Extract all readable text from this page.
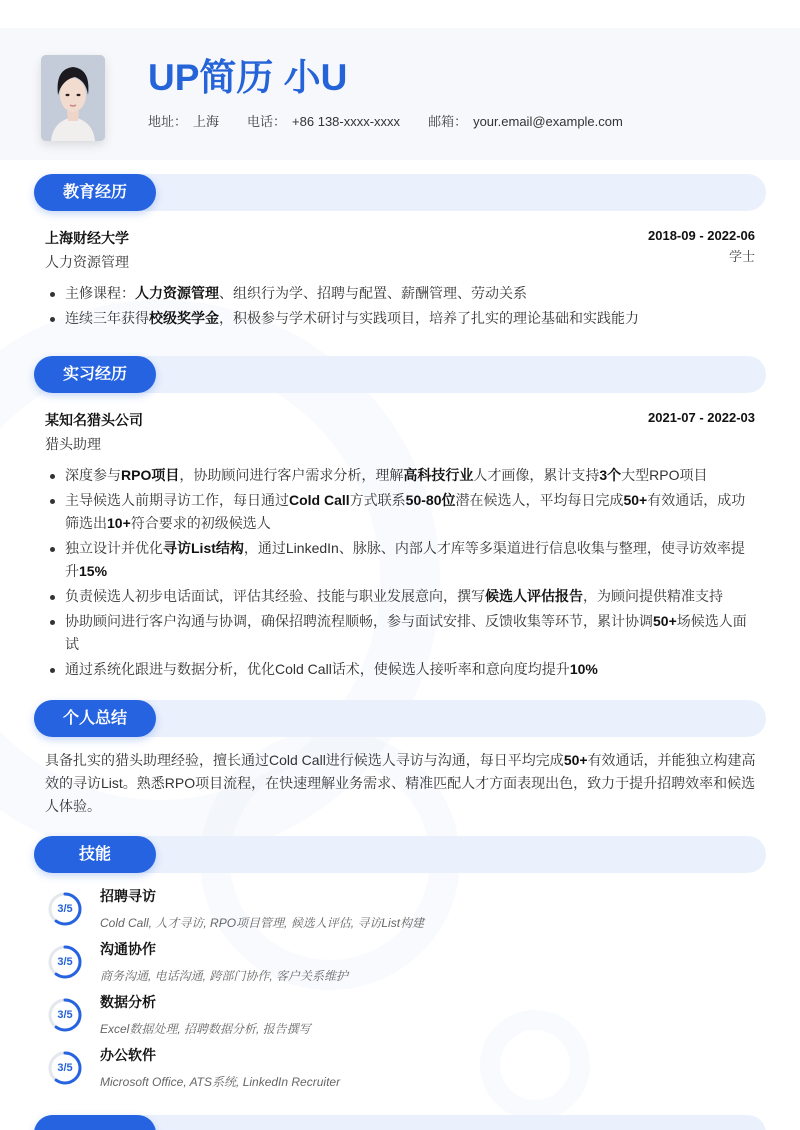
UP简历 小U
地址： 上海 电话： +86 138-xxxx-xxxx 邮箱： your.email@example.com
教育经历
上海财经大学
人力资源管理
2018-09 - 2022-06
学士
主修课程：人力资源管理、组织行为学、招聘与配置、薪酬管理、劳动关系
连续三年获得校级奖学金，积极参与学术研讨与实践项目，培养了扎实的理论基础和实践能力
实习经历
某知名猎头公司
猎头助理
2021-07 - 2022-03
深度参与RPO项目，协助顾问进行客户需求分析，理解高科技行业人才画像，累计支持3个大型RPO项目
主导候选人前期寻访工作，每日通过Cold Call方式联系50-80位潜在候选人，平均每日完成50+有效通话，成功筛选出10+符合要求的初级候选人
独立设计并优化寻访List结构，通过LinkedIn、脉脉、内部人才库等多渠道进行信息收集与整理，使寻访效率提升15%
负责候选人初步电话面试，评估其经验、技能与职业发展意向，撰写候选人评估报告，为顾问提供精准支持
协助顾问进行客户沟通与协调，确保招聘流程顺畅，参与面试安排、反馈收集等环节，累计协调50+场候选人面试
通过系统化跟进与数据分析，优化Cold Call话术，使候选人接听率和意向度均提升10%
个人总结
具备扎实的猎头助理经验，擅长通过Cold Call进行候选人寻访与沟通，每日平均完成50+有效通话，并能独立构建高效的寻访List。熟悉RPO项目流程，在快速理解业务需求、精准匹配人才方面表现出色，致力于提升招聘效率和候选人体验。
技能
3/5
招聘寻访
Cold Call, 人才寻访, RPO项目管理, 候选人评估, 寻访List构建
3/5
沟通协作
商务沟通, 电话沟通, 跨部门协作, 客户关系维护
3/5
数据分析
Excel数据处理, 招聘数据分析, 报告撰写
3/5
办公软件
Microsoft Office, ATS系统, LinkedIn Recruiter
